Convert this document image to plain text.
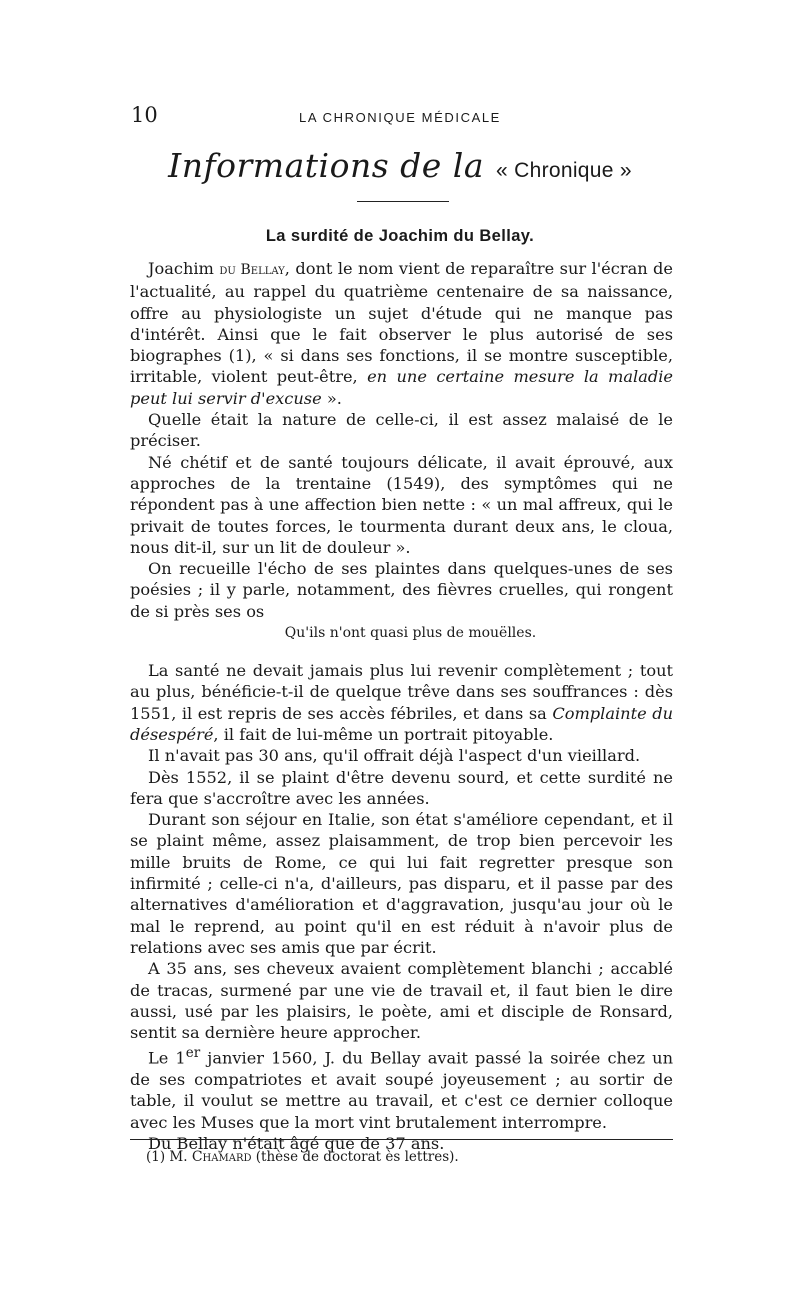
10	LA CHRONIQUE MÉDICALE
Informations de la « Chronique »
La surdité de Joachim du Bellay.

Joachim du Bellay, dont le nom vient de reparaître sur l'écran de l'actualité, au rappel du quatrième centenaire de sa naissance, offre au physiologiste un sujet d'étude qui ne manque pas d'intérêt. Ainsi que le fait observer le plus autorisé de ses biographes (1), « si dans ses fonctions, il se montre susceptible, irritable, violent peut-être, en une certaine mesure la maladie peut lui servir d'excuse ».

Quelle était la nature de celle-ci, il est assez malaisé de le préciser.

Né chétif et de santé toujours délicate, il avait éprouvé, aux approches de la trentaine (1549), des symptômes qui ne répondent pas à une affection bien nette : « un mal affreux, qui le privait de toutes forces, le tourmenta durant deux ans, le cloua, nous dit-il, sur un lit de douleur ».

On recueille l'écho de ses plaintes dans quelques-unes de ses poésies ; il y parle, notamment, des fièvres cruelles, qui rongent de si près ses os

Qu'ils n'ont quasi plus de mouëlles.

La santé ne devait jamais plus lui revenir complètement ; tout au plus, bénéficie-t-il de quelque trêve dans ses souffrances : dès 1551, il est repris de ses accès fébriles, et dans sa Complainte du désespéré, il fait de lui-même un portrait pitoyable.

Il n'avait pas 30 ans, qu'il offrait déjà l'aspect d'un vieillard.

Dès 1552, il se plaint d'être devenu sourd, et cette surdité ne fera que s'accroître avec les années.

Durant son séjour en Italie, son état s'améliore cependant, et il se plaint même, assez plaisamment, de trop bien percevoir les mille bruits de Rome, ce qui lui fait regretter presque son infirmité ; celle-ci n'a, d'ailleurs, pas disparu, et il passe par des alternatives d'amélioration et d'aggravation, jusqu'au jour où le mal le reprend, au point qu'il en est réduit à n'avoir plus de relations avec ses amis que par écrit.

A 35 ans, ses cheveux avaient complètement blanchi ; accablé de tracas, surmené par une vie de travail et, il faut bien le dire aussi, usé par les plaisirs, le poète, ami et disciple de Ronsard, sentit sa dernière heure approcher.

Le 1er janvier 1560, J. du Bellay avait passé la soirée chez un de ses compatriotes et avait soupé joyeusement ; au sortir de table, il voulut se mettre au travail, et c'est ce dernier colloque avec les Muses que la mort vint brutalement interrompre.

Du Bellay n'était âgé que de 37 ans.

(1) M. Chamard (thèse de doctorat ès lettres).
